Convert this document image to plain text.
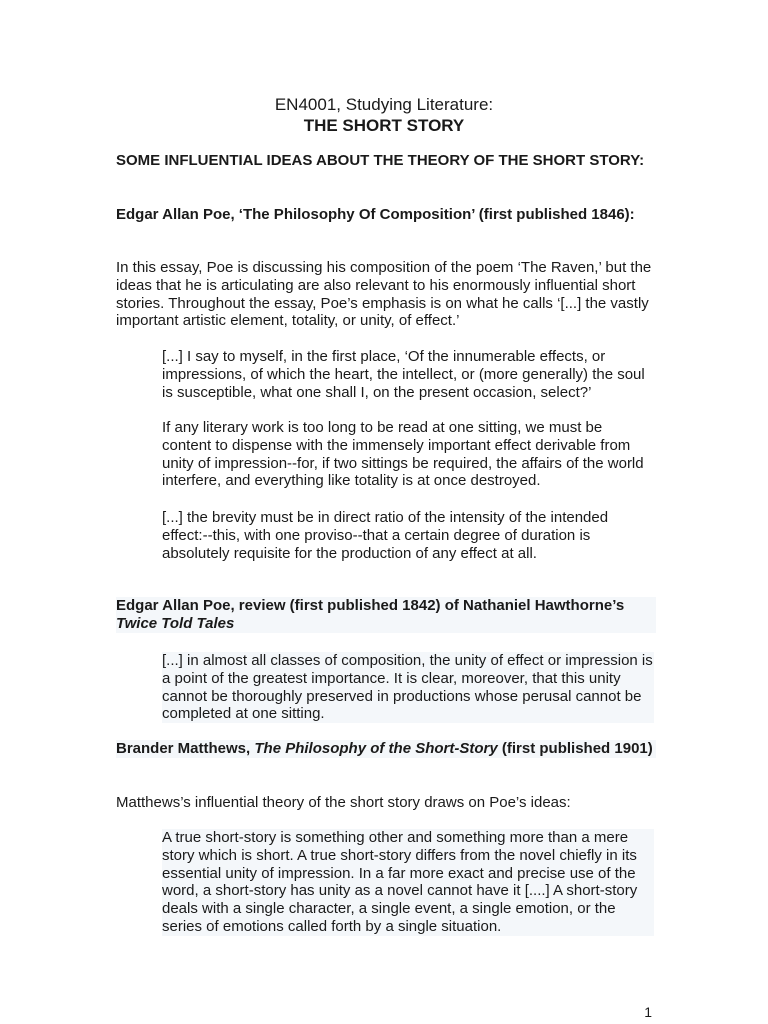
EN4001, Studying Literature:
THE SHORT STORY
SOME INFLUENTIAL IDEAS ABOUT THE THEORY OF THE SHORT STORY:
Edgar Allan Poe, ‘The Philosophy Of Composition’ (first published 1846):
In this essay, Poe is discussing his composition of the poem ‘The Raven,’ but the ideas that he is articulating are also relevant to his enormously influential short stories. Throughout the essay, Poe’s emphasis is on what he calls ‘[...] the vastly important artistic element, totality, or unity, of effect.’
[...] I say to myself, in the first place, ‘Of the innumerable effects, or impressions, of which the heart, the intellect, or (more generally) the soul is susceptible, what one shall I, on the present occasion, select?’
If any literary work is too long to be read at one sitting, we must be content to dispense with the immensely important effect derivable from unity of impression--for, if two sittings be required, the affairs of the world interfere, and everything like totality is at once destroyed.
[...] the brevity must be in direct ratio of the intensity of the intended effect:--this, with one proviso--that a certain degree of duration is absolutely requisite for the production of any effect at all.
Edgar Allan Poe, review (first published 1842) of Nathaniel Hawthorne’s
Twice Told Tales
[...] in almost all classes of composition, the unity of effect or impression is a point of the greatest importance. It is clear, moreover, that this unity cannot be thoroughly preserved in productions whose perusal cannot be completed at one sitting.
Brander Matthews, The Philosophy of the Short-Story (first published 1901)
Matthews’s influential theory of the short story draws on Poe’s ideas:
A true short-story is something other and something more than a mere story which is short. A true short-story differs from the novel chiefly in its essential unity of impression. In a far more exact and precise use of the word, a short-story has unity as a novel cannot have it [....] A short-story deals with a single character, a single event, a single emotion, or the series of emotions called forth by a single situation.
1
